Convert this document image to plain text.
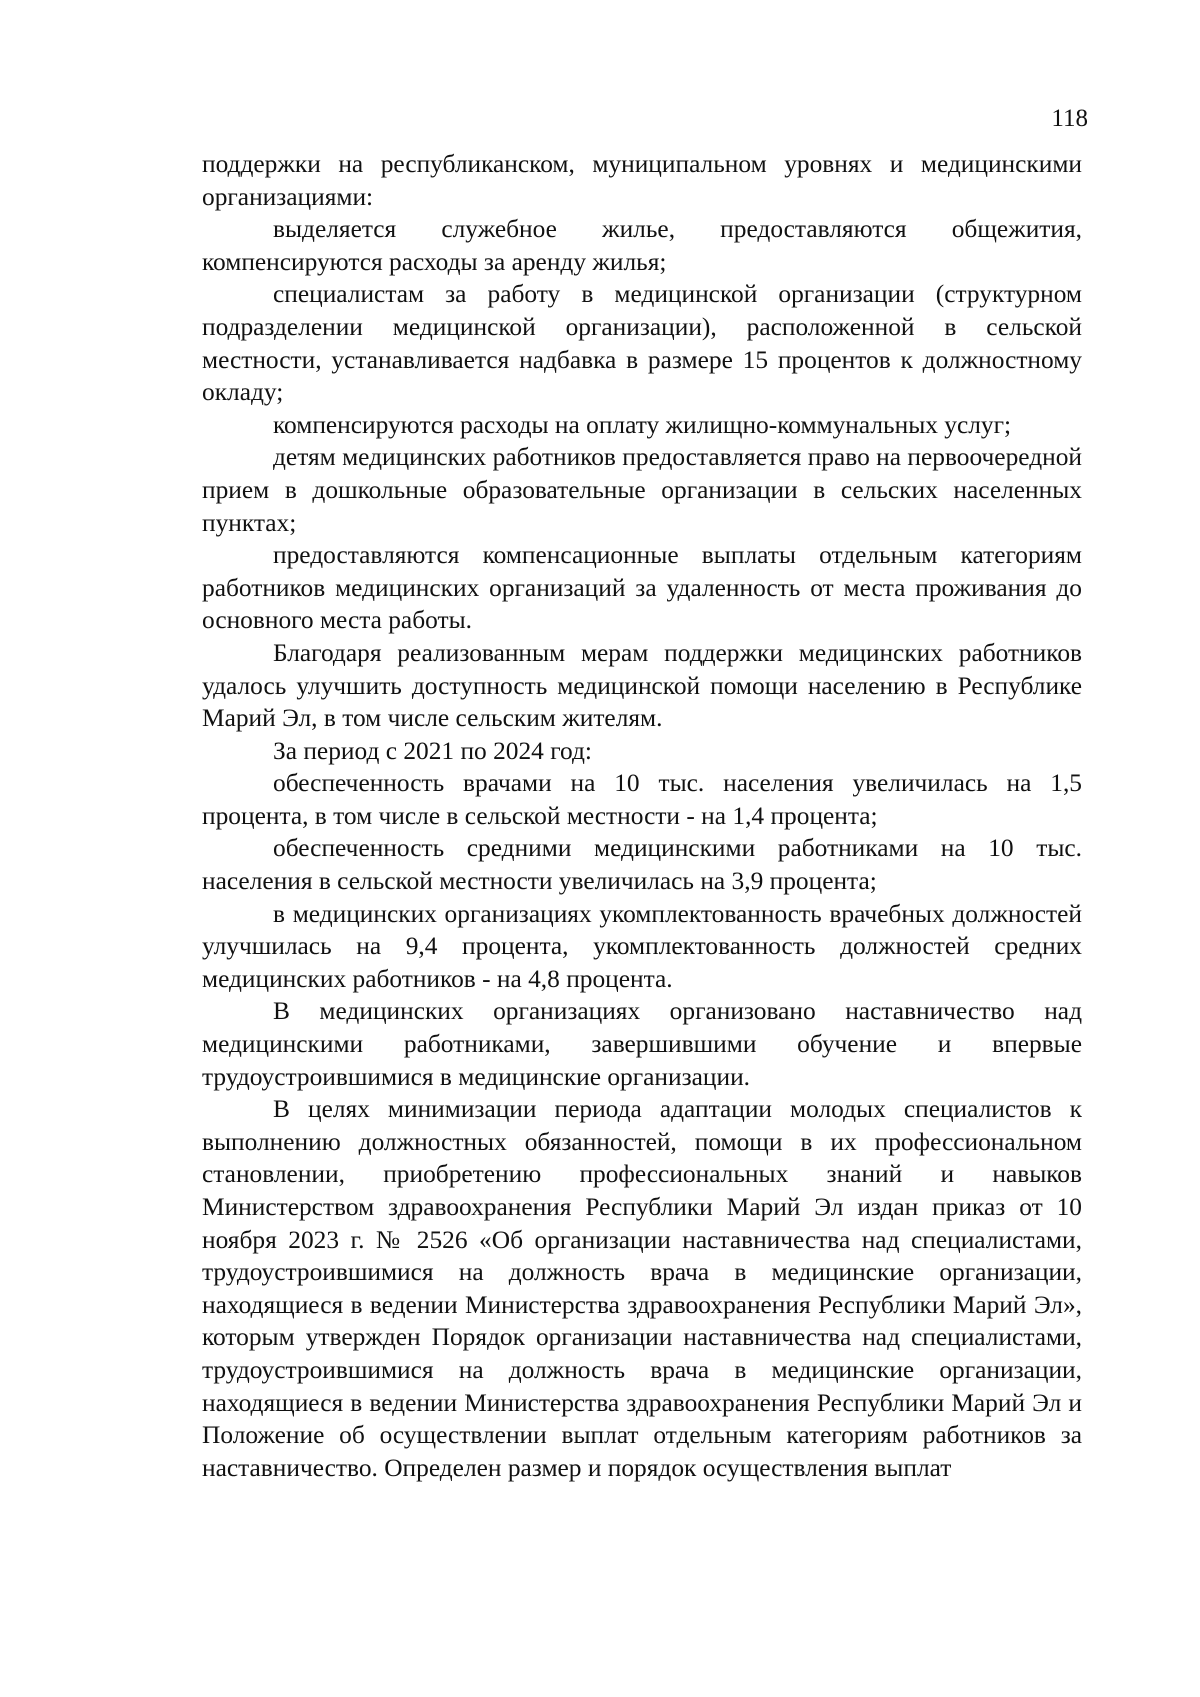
118

поддержки на республиканском, муниципальном уровнях и медицинскими организациями:

выделяется служебное жилье, предоставляются общежития, компенсируются расходы за аренду жилья;

специалистам за работу в медицинской организации (структурном подразделении медицинской организации), расположенной в сельской местности, устанавливается надбавка в размере 15 процентов к должностному окладу;

компенсируются расходы на оплату жилищно-коммунальных услуг;

детям медицинских работников предоставляется право на первоочередной прием в дошкольные образовательные организации в сельских населенных пунктах;

предоставляются компенсационные выплаты отдельным категориям работников медицинских организаций за удаленность от места проживания до основного места работы.

Благодаря реализованным мерам поддержки медицинских работников удалось улучшить доступность медицинской помощи населению в Республике Марий Эл, в том числе сельским жителям.

За период с 2021 по 2024 год:

обеспеченность врачами на 10 тыс. населения увеличилась на 1,5 процента, в том числе в сельской местности - на 1,4 процента;

обеспеченность средними медицинскими работниками на 10 тыс. населения в сельской местности увеличилась на 3,9 процента;

в медицинских организациях укомплектованность врачебных должностей улучшилась на 9,4 процента, укомплектованность должностей средних медицинских работников - на 4,8 процента.

В медицинских организациях организовано наставничество над медицинскими работниками, завершившими обучение и впервые трудоустроившимися в медицинские организации.

В целях минимизации периода адаптации молодых специалистов к выполнению должностных обязанностей, помощи в их профессиональном становлении, приобретению профессиональных знаний и навыков Министерством здравоохранения Республики Марий Эл издан приказ от 10 ноября 2023 г. № 2526 «Об организации наставничества над специалистами, трудоустроившимися на должность врача в медицинские организации, находящиеся в ведении Министерства здравоохранения Республики Марий Эл», которым утвержден Порядок организации наставничества над специалистами, трудоустроившимися на должность врача в медицинские организации, находящиеся в ведении Министерства здравоохранения Республики Марий Эл и Положение об осуществлении выплат отдельным категориям работников за наставничество. Определен размер и порядок осуществления выплат
